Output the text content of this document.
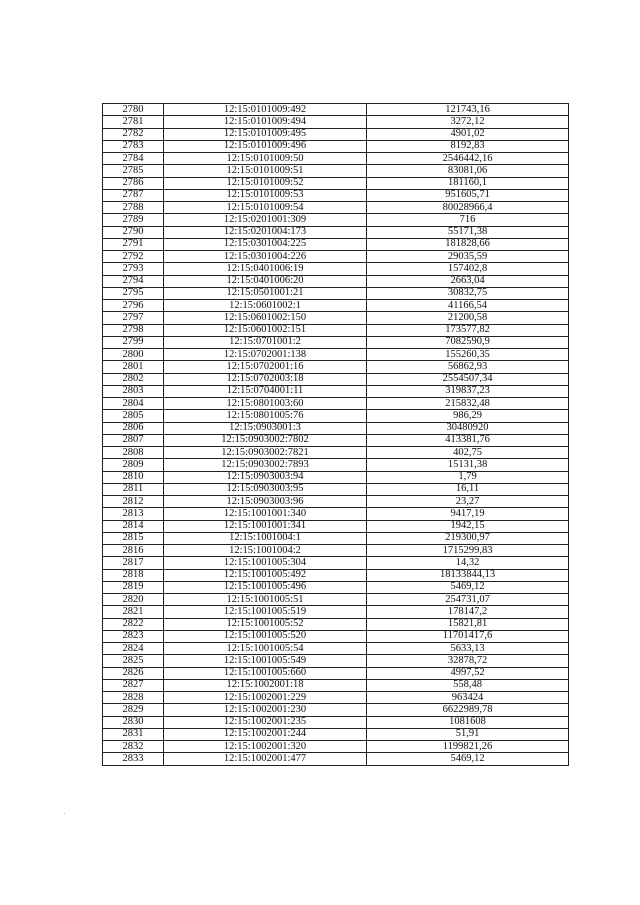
2780	12:15:0101009:492	121743,16
2781	12:15:0101009:494	3272,12
2782	12:15:0101009:495	4901,02
2783	12:15:0101009:496	8192,83
2784	12:15:0101009:50	2546442,16
2785	12:15:0101009:51	83081,06
2786	12:15:0101009:52	181160,1
2787	12:15:0101009:53	951605,71
2788	12:15:0101009:54	80028966,4
2789	12:15:0201001:309	716
2790	12:15:0201004:173	55171,38
2791	12:15:0301004:225	181828,66
2792	12:15:0301004:226	29035,59
2793	12:15:0401006:19	157402,8
2794	12:15:0401006:20	2663,04
2795	12:15:0501001:21	30832,75
2796	12:15:0601002:1	41166,54
2797	12:15:0601002:150	21200,58
2798	12:15:0601002:151	173577,82
2799	12:15:0701001:2	7082590,9
2800	12:15:0702001:138	155260,35
2801	12:15:0702001:16	56862,93
2802	12:15:0702003:18	2554507,34
2803	12:15:0704001:11	319837,23
2804	12:15:0801003:60	215832,48
2805	12:15:0801005:76	986,29
2806	12:15:0903001:3	30480920
2807	12:15:0903002:7802	413381,76
2808	12:15:0903002:7821	402,75
2809	12:15:0903002:7893	15131,38
2810	12:15:0903003:94	1,79
2811	12:15:0903003:95	16,11
2812	12:15:0903003:96	23,27
2813	12:15:1001001:340	9417,19
2814	12:15:1001001:341	1942,15
2815	12:15:1001004:1	219300,97
2816	12:15:1001004:2	1715299,83
2817	12:15:1001005:304	14,32
2818	12:15:1001005:492	18133844,13
2819	12:15:1001005:496	5469,12
2820	12:15:1001005:51	254731,07
2821	12:15:1001005:519	178147,2
2822	12:15:1001005:52	15821,81
2823	12:15:1001005:520	11701417,6
2824	12:15:1001005:54	5633,13
2825	12:15:1001005:549	32878,72
2826	12:15:1001005:660	4997,52
2827	12:15:1002001:18	558,48
2828	12:15:1002001:229	963424
2829	12:15:1002001:230	6622989,78
2830	12:15:1002001:235	1081608
2831	12:15:1002001:244	51,91
2832	12:15:1002001:320	1199821,26
2833	12:15:1002001:477	5469,12
